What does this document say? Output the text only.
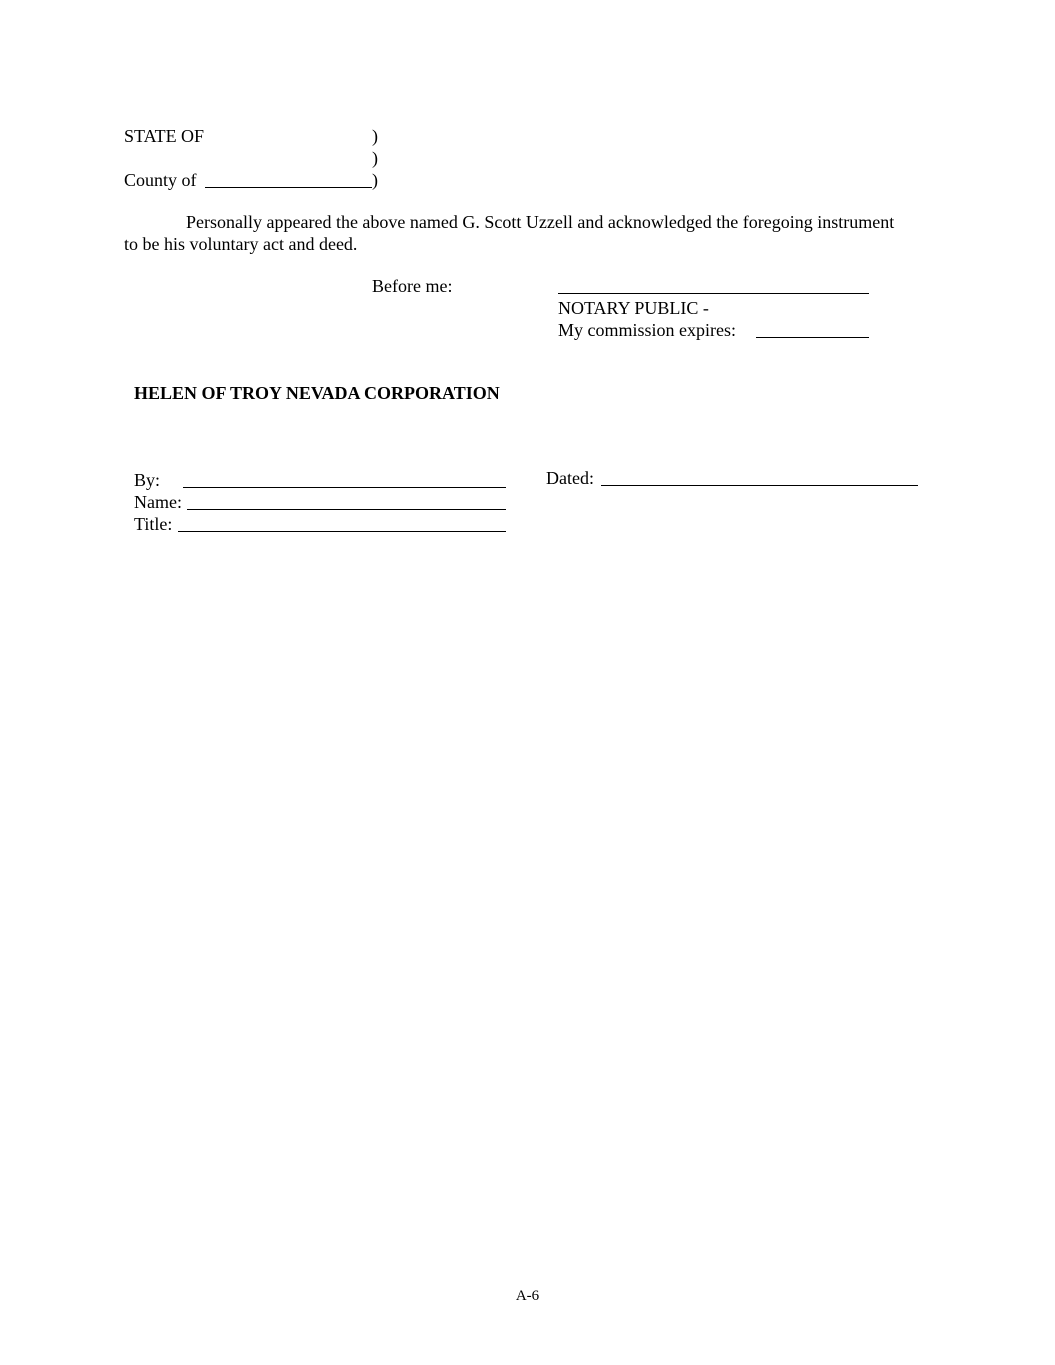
STATE OF	)
)
County of	)
Personally appeared the above named G. Scott Uzzell and acknowledged the foregoing instrument
to be his voluntary act and deed.
Before me:
NOTARY PUBLIC -
My commission expires:
HELEN OF TROY NEVADA CORPORATION
By:
Name:
Title:
Dated:
A-6
